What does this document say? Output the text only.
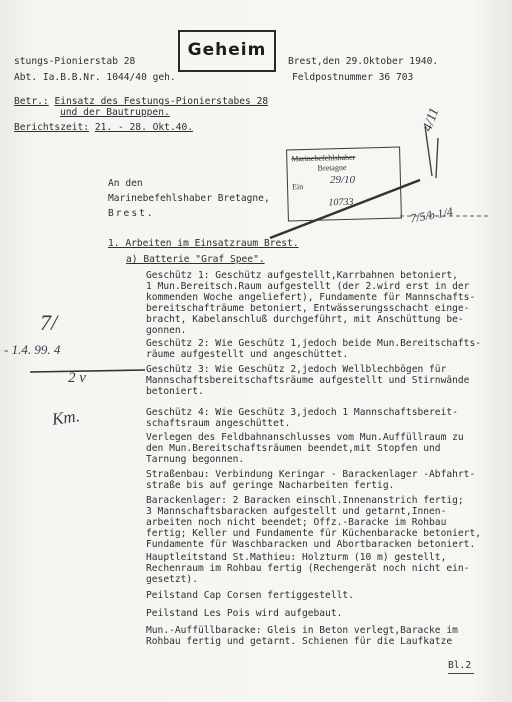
stungs-Pionierstab 28
Abt. Ia.B.B.Nr. 1044/40 geh.
Geheim
Brest,den 29.Oktober 1940.
Feldpostnummer 36 703
Betr.: Einsatz des Festungs-Pionierstabes 28
und der Bautruppen.
Berichtszeit: 21. - 28. Okt.40.
Marinebefehlshaber
Bretagne
Ein
10733
4/11
7/5/b 1/4
7/
- 1.4. 99. 4
2 v
Km.
29/10
An den
Marinebefehlshaber Bretagne,
Brest.
1. Arbeiten im Einsatzraum Brest.
a) Batterie "Graf Spee".

Geschütz 1: Geschütz aufgestellt,Karrbahnen betoniert,

1 Mun.Bereitsch.Raum aufgestellt (der 2.wird erst in der

kommenden Woche angeliefert), Fundamente für Mannschafts-

bereitschafträume betoniert, Entwässerungsschacht einge-

bracht, Kabelanschluß durchgeführt, mit Anschüttung be-

gonnen.

Geschütz 2: Wie Geschütz 1,jedoch beide Mun.Bereitschafts-

räume aufgestellt und angeschüttet.

Geschütz 3: Wie Geschütz 2,jedoch Wellblechbögen für

Mannschaftsbereitschaftsräume aufgestellt und Stirnwände

betoniert.

Geschütz 4: Wie Geschütz 3,jedoch 1 Mannschaftsbereit-

schaftsraum angeschüttet.

Verlegen des Feldbahnanschlusses vom Mun.Auffüllraum zu

den Mun.Bereitschaftsräumen beendet,mit Stopfen und

Tarnung begonnen.

Straßenbau: Verbindung Keringar - Barackenlager -Abfahrt-

straße bis auf geringe Nacharbeiten fertig.

Barackenlager: 2 Baracken einschl.Innenanstrich fertig;

3 Mannschaftsbaracken aufgestellt und getarnt,Innen-

arbeiten noch nicht beendet; Offz.-Baracke im Rohbau

fertig; Keller und Fundamente für Küchenbaracke betoniert,

Fundamente für Waschbaracken und Abortbaracken betoniert.

Hauptleitstand St.Mathieu: Holzturm (10 m) gestellt,

Rechenraum im Rohbau fertig (Rechengerät noch nicht ein-

gesetzt).

Peilstand Cap Corsen fertiggestellt.

Peilstand Les Pois wird aufgebaut.

Mun.-Auffüllbaracke: Gleis in Beton verlegt,Baracke im

Rohbau fertig und getarnt. Schienen für die Laufkatze

Bl.2
